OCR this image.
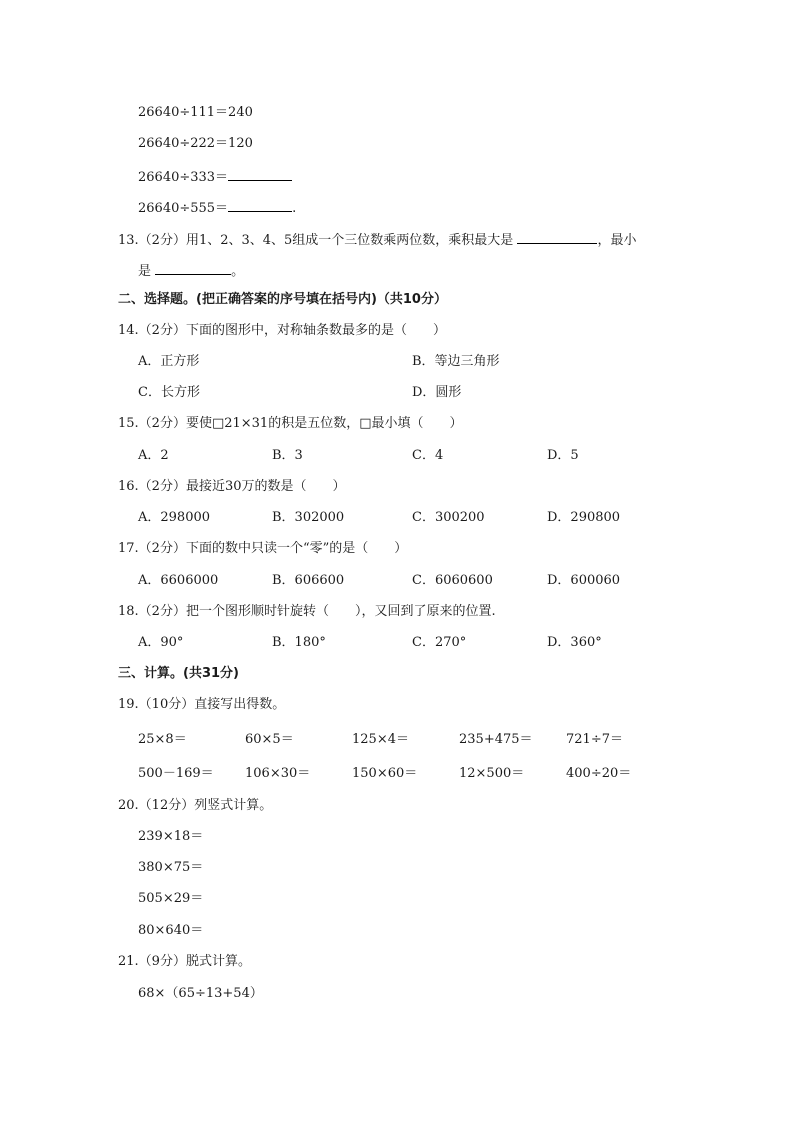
26640÷111＝240
26640÷222＝120
26640÷333＝
26640÷555＝	.
13.（2分）用1、2、3、4、5组成一个三位数乘两位数，乘积最大是	，最小
是	。
二、选择题。(把正确答案的序号填在括号内)（共10分）
14.（2分）下面的图形中，对称轴条数最多的是（　　）
A．正方形	B．等边三角形
C．长方形	D．圆形
15.（2分）要使□21×31的积是五位数，□最小填（　　）
A．2	B．3	C．4	D．5
16.（2分）最接近30万的数是（　　）
A．298000	B．302000	C．300200	D．290800
17.（2分）下面的数中只读一个“零”的是（　　）
A．6606000	B．606600	C．6060600	D．600060
18.（2分）把一个图形顺时针旋转（　　），又回到了原来的位置.
A．90°	B．180°	C．270°	D．360°
三、计算。(共31分)
19.（10分）直接写出得数。
25×8＝	60×5＝	125×4＝	235+475＝	721÷7＝
500－169＝ 106×30＝	150×60＝	12×500＝	400÷20＝
20.（12分）列竖式计算。
239×18＝
380×75＝
505×29＝
80×640＝
21.（9分）脱式计算。
68×（65÷13+54）
